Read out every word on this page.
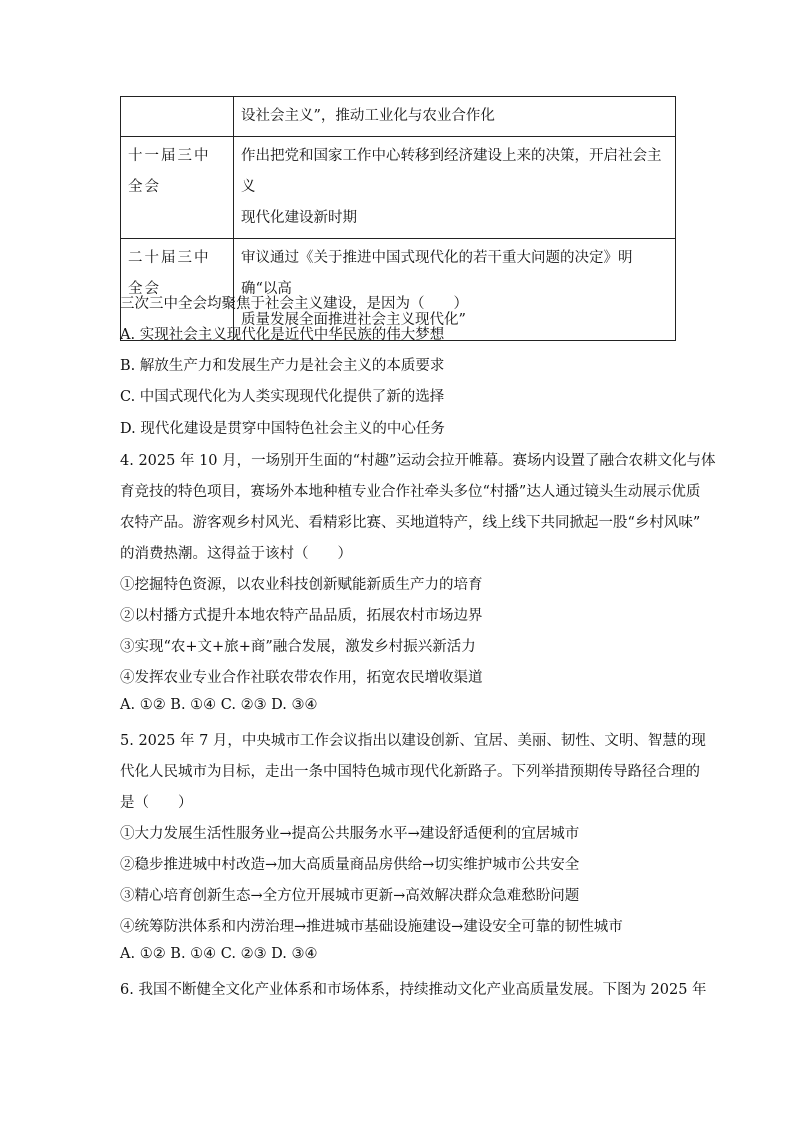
	设社会主义”，推动工业化与农业合作化

十一届三中全会	作出把党和国家工作中心转移到经济建设上来的决策，开启社会主义
现代化建设新时期

二十届三中全会	审议通过《关于推进中国式现代化的若干重大问题的决定》明确“以高
质量发展全面推进社会主义现代化”
三次三中全会均聚焦于社会主义建设，是因为（　　）
A. 实现社会主义现代化是近代中华民族的伟大梦想
B. 解放生产力和发展生产力是社会主义的本质要求
C. 中国式现代化为人类实现现代化提供了新的选择
D. 现代化建设是贯穿中国特色社会主义的中心任务
4. 2025 年 10 月，一场别开生面的“村趣”运动会拉开帷幕。赛场内设置了融合农耕文化与体
育竞技的特色项目，赛场外本地种植专业合作社牵头多位“村播”达人通过镜头生动展示优质
农特产品。游客观乡村风光、看精彩比赛、买地道特产，线上线下共同掀起一股“乡村风味”
的消费热潮。这得益于该村（　　）
①挖掘特色资源，以农业科技创新赋能新质生产力的培育
②以村播方式提升本地农特产品品质，拓展农村市场边界
③实现“农+文+旅+商”融合发展，激发乡村振兴新活力
④发挥农业专业合作社联农带农作用，拓宽农民增收渠道
A. ①② B. ①④ C. ②③ D. ③④
5. 2025 年 7 月，中央城市工作会议指出以建设创新、宜居、美丽、韧性、文明、智慧的现
代化人民城市为目标，走出一条中国特色城市现代化新路子。下列举措预期传导路径合理的
是（　　）
①大力发展生活性服务业→提高公共服务水平→建设舒适便利的宜居城市
②稳步推进城中村改造→加大高质量商品房供给→切实维护城市公共安全
③精心培育创新生态→全方位开展城市更新→高效解决群众急难愁盼问题
④统筹防洪体系和内涝治理→推进城市基础设施建设→建设安全可靠的韧性城市
A. ①② B. ①④ C. ②③ D. ③④
6. 我国不断健全文化产业体系和市场体系，持续推动文化产业高质量发展。下图为 2025 年
